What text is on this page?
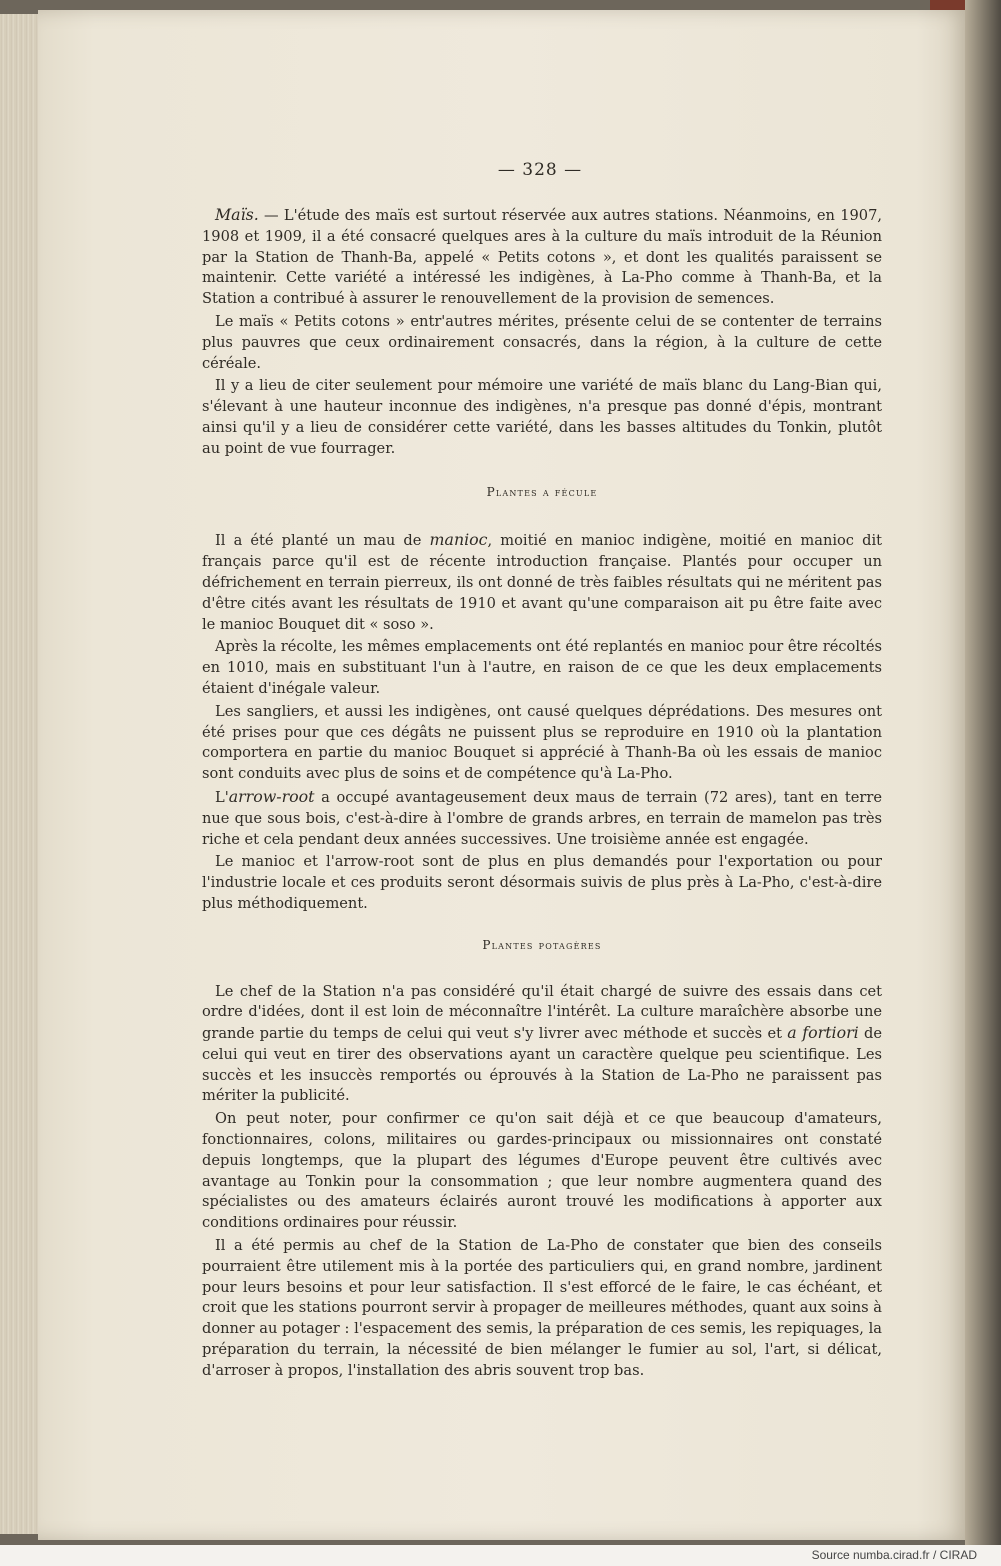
— 328 —

Maïs. — L'étude des maïs est surtout réservée aux autres stations. Néanmoins, en 1907, 1908 et 1909, il a été consacré quelques ares à la culture du maïs introduit de la Réunion par la Station de Thanh-Ba, appelé « Petits cotons », et dont les qualités paraissent se maintenir. Cette variété a intéressé les indigènes, à La-Pho comme à Thanh-Ba, et la Station a contribué à assurer le renouvellement de la provision de semences.

Le maïs « Petits cotons » entr'autres mérites, présente celui de se contenter de terrains plus pauvres que ceux ordinairement consacrés, dans la région, à la culture de cette céréale.

Il y a lieu de citer seulement pour mémoire une variété de maïs blanc du Lang-Bian qui, s'élevant à une hauteur inconnue des indigènes, n'a presque pas donné d'épis, montrant ainsi qu'il y a lieu de considérer cette variété, dans les basses altitudes du Tonkin, plutôt au point de vue fourrager.

Plantes a fécule

Il a été planté un mau de manioc, moitié en manioc indigène, moitié en manioc dit français parce qu'il est de récente introduction française. Plantés pour occuper un défrichement en terrain pierreux, ils ont donné de très faibles résultats qui ne méritent pas d'être cités avant les résultats de 1910 et avant qu'une comparaison ait pu être faite avec le manioc Bouquet dit « soso ».

Après la récolte, les mêmes emplacements ont été replantés en manioc pour être récoltés en 1010, mais en substituant l'un à l'autre, en raison de ce que les deux emplacements étaient d'inégale valeur.

Les sangliers, et aussi les indigènes, ont causé quelques déprédations. Des mesures ont été prises pour que ces dégâts ne puissent plus se reproduire en 1910 où la plantation comportera en partie du manioc Bouquet si apprécié à Thanh-Ba où les essais de manioc sont conduits avec plus de soins et de compétence qu'à La-Pho.

L'arrow-root a occupé avantageusement deux maus de terrain (72 ares), tant en terre nue que sous bois, c'est-à-dire à l'ombre de grands arbres, en terrain de mamelon pas très riche et cela pendant deux années successives. Une troisième année est engagée.

Le manioc et l'arrow-root sont de plus en plus demandés pour l'exportation ou pour l'industrie locale et ces produits seront désormais suivis de plus près à La-Pho, c'est-à-dire plus méthodiquement.

Plantes potagères

Le chef de la Station n'a pas considéré qu'il était chargé de suivre des essais dans cet ordre d'idées, dont il est loin de méconnaître l'intérêt. La culture maraîchère absorbe une grande partie du temps de celui qui veut s'y livrer avec méthode et succès et a fortiori de celui qui veut en tirer des observations ayant un caractère quelque peu scientifique. Les succès et les insuccès remportés ou éprouvés à la Station de La-Pho ne paraissent pas mériter la publicité.

On peut noter, pour confirmer ce qu'on sait déjà et ce que beaucoup d'amateurs, fonctionnaires, colons, militaires ou gardes-principaux ou missionnaires ont constaté depuis longtemps, que la plupart des légumes d'Europe peuvent être cultivés avec avantage au Tonkin pour la consommation ; que leur nombre augmentera quand des spécialistes ou des amateurs éclairés auront trouvé les modifications à apporter aux conditions ordinaires pour réussir.

Il a été permis au chef de la Station de La-Pho de constater que bien des conseils pourraient être utilement mis à la portée des particuliers qui, en grand nombre, jardinent pour leurs besoins et pour leur satisfaction. Il s'est efforcé de le faire, le cas échéant, et croit que les stations pourront servir à propager de meilleures méthodes, quant aux soins à donner au potager : l'espacement des semis, la préparation de ces semis, les repiquages, la préparation du terrain, la nécessité de bien mélanger le fumier au sol, l'art, si délicat, d'arroser à propos, l'installation des abris souvent trop bas.

Source numba.cirad.fr / CIRAD
